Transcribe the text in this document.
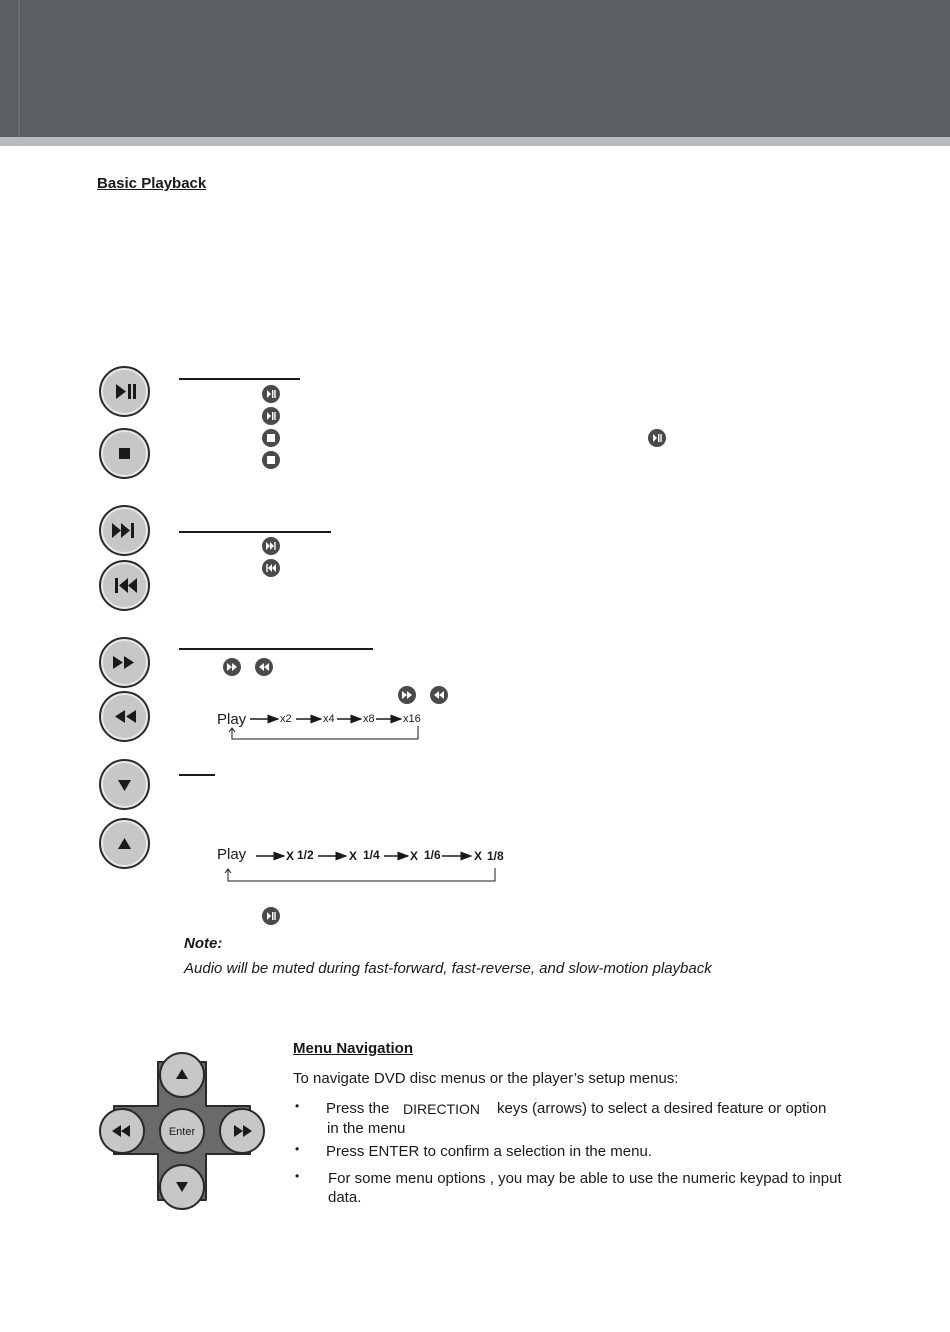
Basic Playback
Play	x2	x4	x8	x16
Play	X 1/2	X 1/4	X 1/6	X 1/8
Note:
Audio will be muted during fast-forward, fast-reverse, and slow-motion playback
Enter
Menu Navigation
To navigate DVD disc menus or the player’s setup menus:
• Press the DIRECTION keys (arrows) to select a desired feature or option
in the menu
• Press ENTER to confirm a selection in the menu.
• For some menu options , you may be able to use the numeric keypad to input
data.
